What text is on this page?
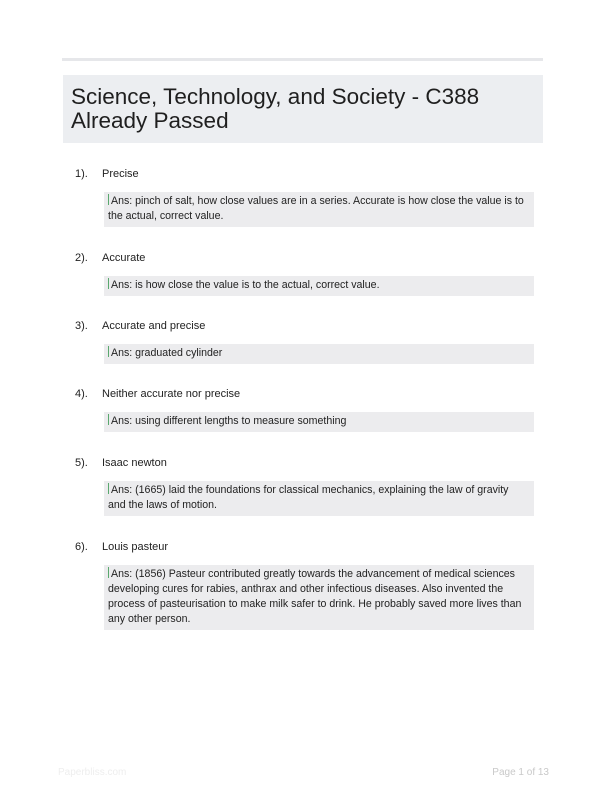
Science, Technology, and Society - C388 Already Passed
1).	Precise
Ans: pinch of salt, how close values are in a series. Accurate is how close the value is to the actual, correct value.
2).	Accurate
Ans: is how close the value is to the actual, correct value.
3).	Accurate and precise
Ans: graduated cylinder
4).	Neither accurate nor precise
Ans: using different lengths to measure something
5).	Isaac newton
Ans: (1665) laid the foundations for classical mechanics, explaining the law of gravity and the laws of motion.
6).	Louis pasteur
Ans: (1856) Pasteur contributed greatly towards the advancement of medical sciences developing cures for rabies, anthrax and other infectious diseases. Also invented the process of pasteurisation to make milk safer to drink. He probably saved more lives than any other person.
Paperbliss.com	Page 1 of 13
